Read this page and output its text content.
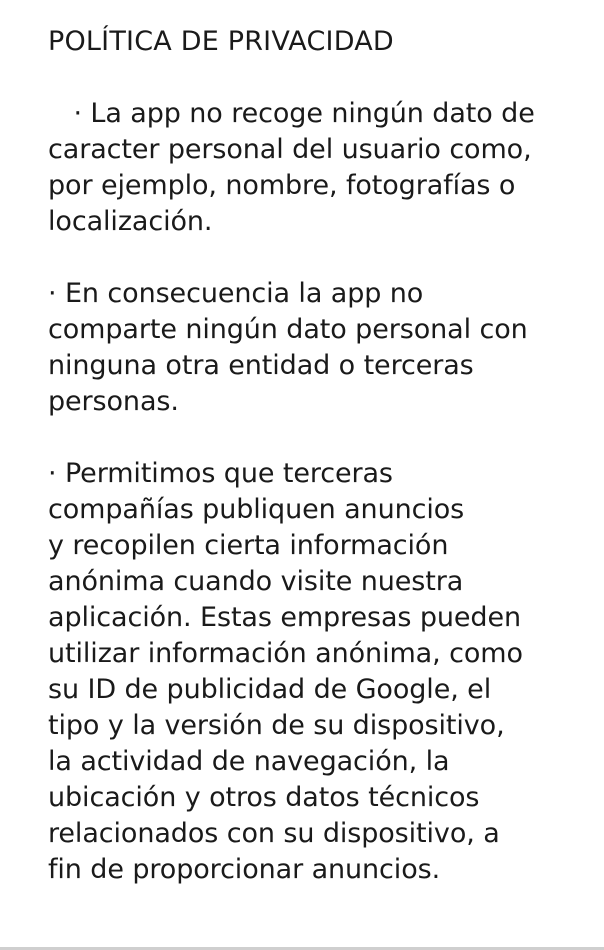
POLÍTICA DE PRIVACIDAD

· La app no recoge ningún dato de
caracter personal del usuario como,
por ejemplo, nombre, fotografías o
localización.

· En consecuencia la app no
comparte ningún dato personal con
ninguna otra entidad o terceras
personas.

· Permitimos que terceras
compañías publiquen anuncios
y recopilen cierta información
anónima cuando visite nuestra
aplicación. Estas empresas pueden
utilizar información anónima, como
su ID de publicidad de Google, el
tipo y la versión de su dispositivo,
la actividad de navegación, la
ubicación y otros datos técnicos
relacionados con su dispositivo, a
fin de proporcionar anuncios.
